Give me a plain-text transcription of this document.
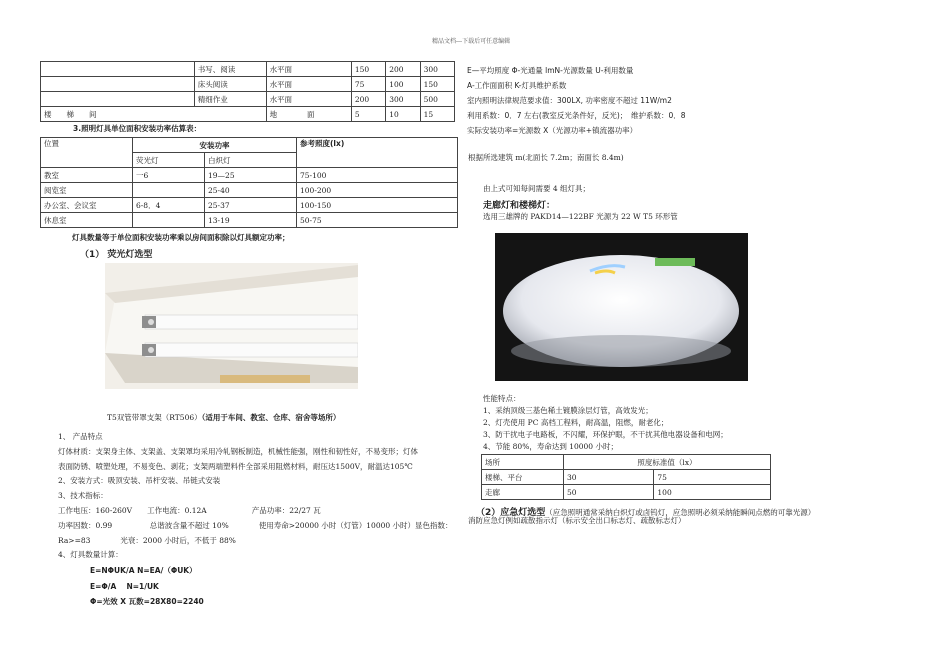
精品文档---下载后可任意编辑
	书写、阅读	水平面	150	200	300
	床头阅读	水平面	75	100	150
	精细作业	水平面	200	300	500
楼　　梯　　间		地　　　　面	5	10	15
3.照明灯具单位面积安装功率估算表：
位置	安装功率		参考照度(lx)
	荧光灯	白炽灯	
教室	一6	19—25	75-100
阅览室		25-40	100-200
办公室、会议室	6-8．4	25-37	100-150
休息室		13-19	50-75
灯具数量等于单位面积安装功率乘以房间面积除以灯具额定功率；
（1） 荧光灯选型
T5双管带罩支架（RT506）（适用于车间、教室、仓库、宿舍等场所）
1、 产品特点
灯体材质：支架身主体、支架盖、支架罩均采用冷轧钢板制造，机械性能强，刚性和韧性好，不易变形；灯体
表面防锈、喷塑处理，不易变色、剥花；支架两端塑料件全部采用阻燃材料，耐压达1500V，耐温达105℃
2、安装方式：吸顶安装、吊杆安装、吊链式安装
3、技术指标：
工作电压：160-260V　　工作电流：0.12A　　　　　　产品功率：22/27 瓦
功率因数：0.99　　　　　总谐波含量不超过 10%　　　　使用寿命>20000 小时（灯管）10000 小时）显色指数：
Ra>=83　　　　光衰：2000 小时后，不低于 88%
4、灯具数量计算：
E=NΦUK/A N=EA/（ΦUK）
E=Φ/A　 N=1/UK
Φ=光效 X 瓦数=28X80=2240
E—平均照度 Φ-光通量 lmN-光源数量 U-利用数量
A-工作面面积 K-灯具维护系数
室内照明法律规范要求值：300LX, 功率密度不超过 11W/m2
利用系数：0．7 左右(教室反光条件好，反光)；　维护系数：0．8
实际安装功率=光源数 X（光源功率+镇流器功率）
根据所选建筑 m(北面长 7.2m；南面长 8.4m)
由上式可知每间需要 4 组灯具；
走廊灯和楼梯灯：
选用三雄牌的 PAKD14—122BF 光源为 22 W T5 环形管
性能特点：
1、采纳顶级三基色稀土镀膜涂层灯管，高效发光；
2、灯壳使用 PC 高档工程料，耐高温，阻燃，耐老化；
3、防干扰电子电路板，不闪耀，环保护眼，不干扰其他电器设备和电网；
4、节能 80%，寿命达到 10000 小时；
场所	照度标准值（lx）	
楼梯、平台	30	75
走廊	50	100
（2）应急灯选型（应急照明通常采纳白炽灯或卤钨灯，应急照明必须采纳能瞬间点燃的可靠光源）
消防应急灯例如疏散指示灯（标示安全出口标志灯、疏散标志灯）
